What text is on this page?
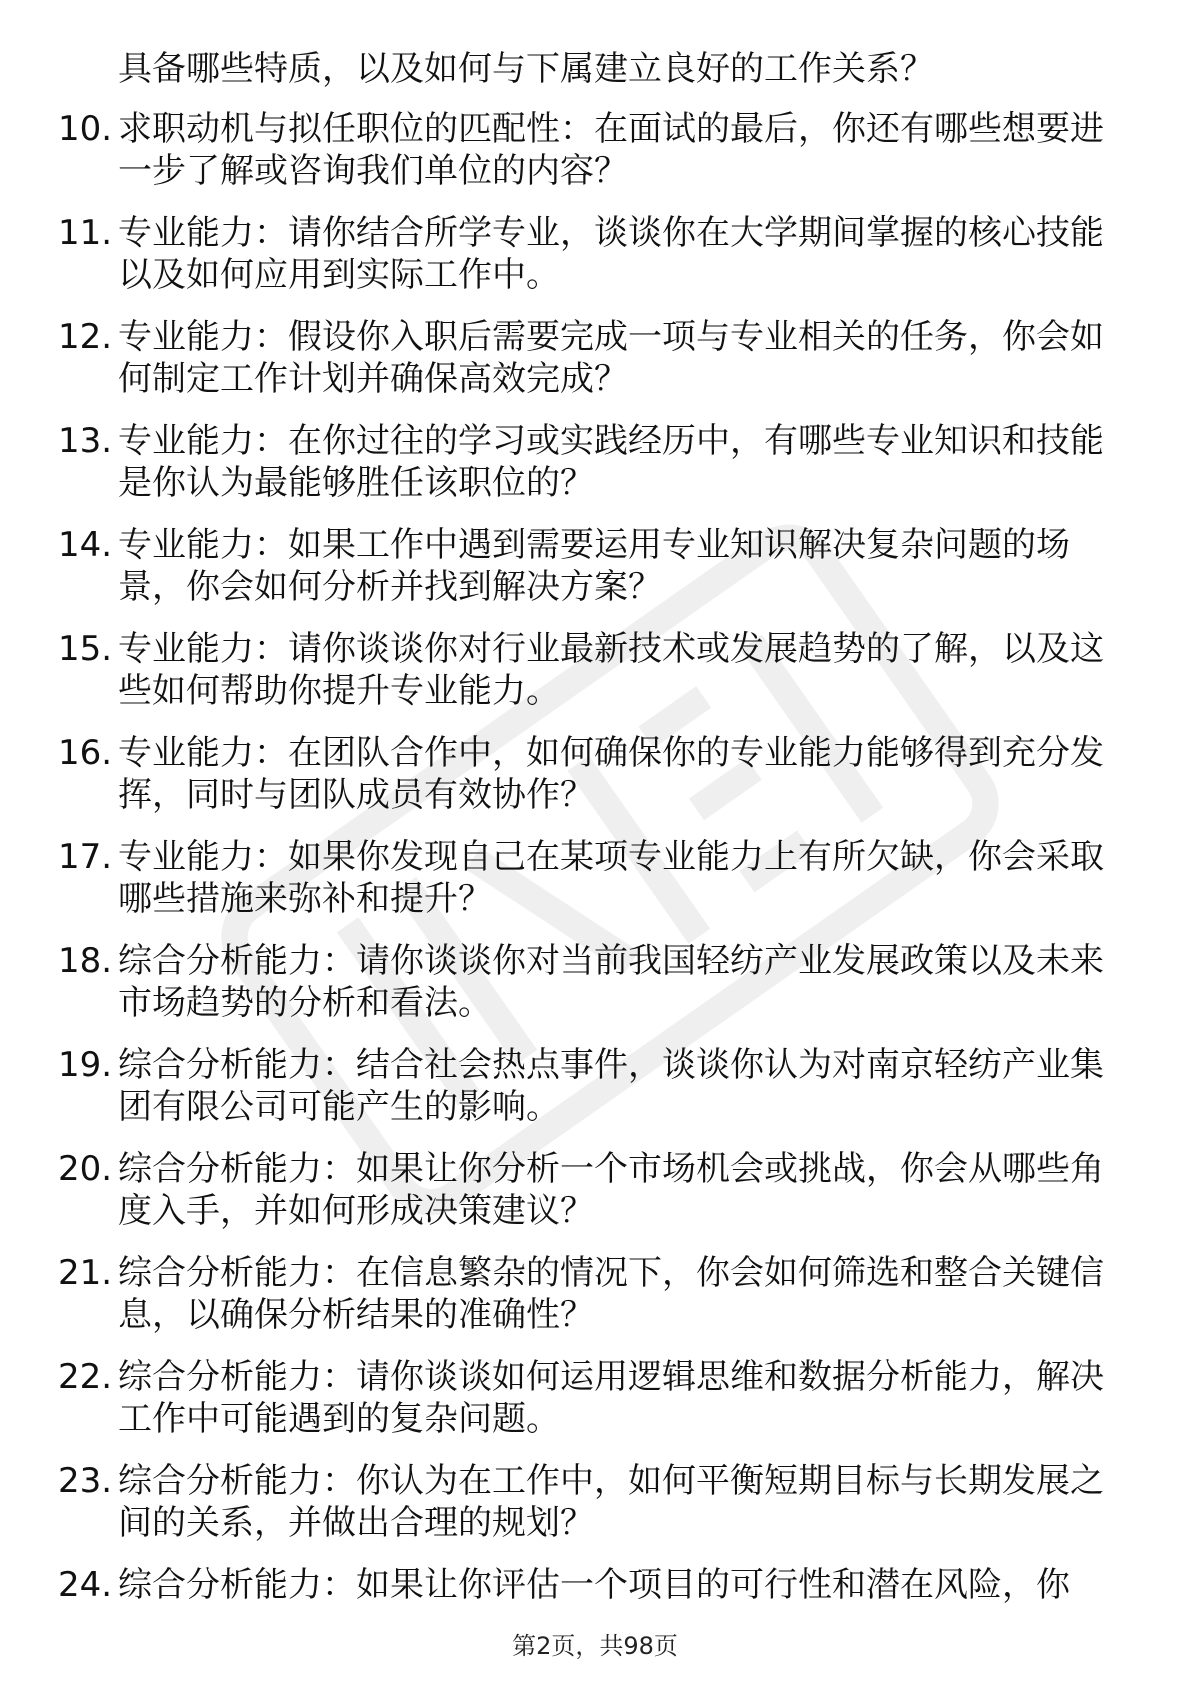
具备哪些特质，以及如何与下属建立良好的工作关系？
10. 求职动机与拟任职位的匹配性：在面试的最后，你还有哪些想要进一步了解或咨询我们单位的内容？
11. 专业能力：请你结合所学专业，谈谈你在大学期间掌握的核心技能以及如何应用到实际工作中。
12. 专业能力：假设你入职后需要完成一项与专业相关的任务，你会如何制定工作计划并确保高效完成？
13. 专业能力：在你过往的学习或实践经历中，有哪些专业知识和技能是你认为最能够胜任该职位的？
14. 专业能力：如果工作中遇到需要运用专业知识解决复杂问题的场景，你会如何分析并找到解决方案？
15. 专业能力：请你谈谈你对行业最新技术或发展趋势的了解，以及这些如何帮助你提升专业能力。
16. 专业能力：在团队合作中，如何确保你的专业能力能够得到充分发挥，同时与团队成员有效协作？
17. 专业能力：如果你发现自己在某项专业能力上有所欠缺，你会采取哪些措施来弥补和提升？
18. 综合分析能力：请你谈谈你对当前我国轻纺产业发展政策以及未来市场趋势的分析和看法。
19. 综合分析能力：结合社会热点事件，谈谈你认为对南京轻纺产业集团有限公司可能产生的影响。
20. 综合分析能力：如果让你分析一个市场机会或挑战，你会从哪些角度入手，并如何形成决策建议？
21. 综合分析能力：在信息繁杂的情况下，你会如何筛选和整合关键信息，以确保分析结果的准确性？
22. 综合分析能力：请你谈谈如何运用逻辑思维和数据分析能力，解决工作中可能遇到的复杂问题。
23. 综合分析能力：你认为在工作中，如何平衡短期目标与长期发展之间的关系，并做出合理的规划？
24. 综合分析能力：如果让你评估一个项目的可行性和潜在风险，你
第2页，共98页
